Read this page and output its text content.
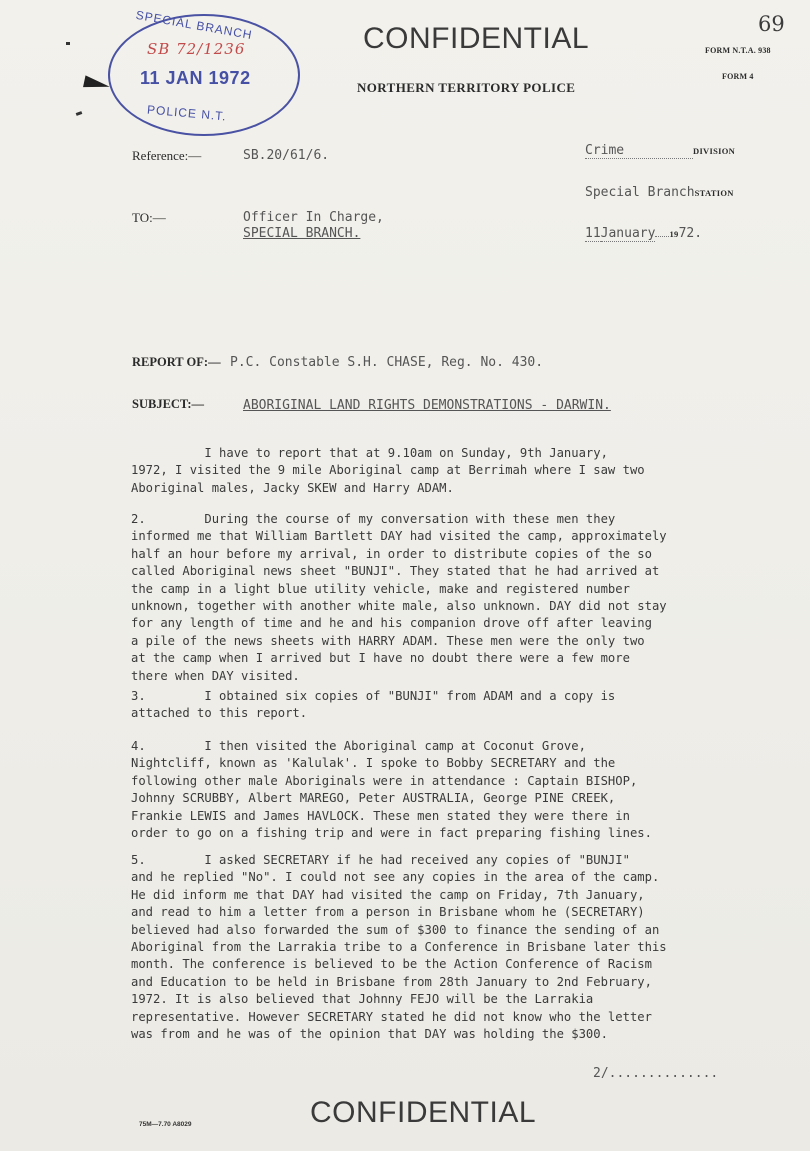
SPECIAL BRANCH
SB 72/1236
11 JAN 1972
POLICE N.T.
CONFIDENTIAL
NORTHERN TERRITORY POLICE
69
FORM N.T.A. 938
FORM 4
Reference:—	SB.20/61/6.	Crime	DIVISION
Special BranchSTATION
TO:—	Officer In Charge,
SPECIAL BRANCH.	11January 1972.
REPORT OF:— P.C. Constable S.H. CHASE, Reg. No. 430.
SUBJECT:—	ABORIGINAL LAND RIGHTS DEMONSTRATIONS - DARWIN.
I have to report that at 9.10am on Sunday, 9th January,
1972, I visited the 9 mile Aboriginal camp at Berrimah where I saw two
Aboriginal males, Jacky SKEW and Harry ADAM.
2.        During the course of my conversation with these men they
informed me that William Bartlett DAY had visited the camp, approximately
half an hour before my arrival, in order to distribute copies of the so
called Aboriginal news sheet "BUNJI". They stated that he had arrived at
the camp in a light blue utility vehicle, make and registered number
unknown, together with another white male, also unknown. DAY did not stay
for any length of time and he and his companion drove off after leaving
a pile of the news sheets with HARRY ADAM. These men were the only two
at the camp when I arrived but I have no doubt there were a few more
there when DAY visited.
3.        I obtained six copies of "BUNJI" from ADAM and a copy is
attached to this report.
4.        I then visited the Aboriginal camp at Coconut Grove,
Nightcliff, known as 'Kalulak'. I spoke to Bobby SECRETARY and the
following other male Aboriginals were in attendance : Captain BISHOP,
Johnny SCRUBBY, Albert MAREGO, Peter AUSTRALIA, George PINE CREEK,
Frankie LEWIS and James HAVLOCK. These men stated they were there in
order to go on a fishing trip and were in fact preparing fishing lines.
5.        I asked SECRETARY if he had received any copies of "BUNJI"
and he replied "No". I could not see any copies in the area of the camp.
He did inform me that DAY had visited the camp on Friday, 7th January,
and read to him a letter from a person in Brisbane whom he (SECRETARY)
believed had also forwarded the sum of $300 to finance the sending of an
Aboriginal from the Larrakia tribe to a Conference in Brisbane later this
month. The conference is believed to be the Action Conference of Racism
and Education to be held in Brisbane from 28th January to 2nd February,
1972. It is also believed that Johnny FEJO will be the Larrakia
representative. However SECRETARY stated he did not know who the letter
was from and he was of the opinion that DAY was holding the $300.
2/..............
75M—7.70 A8029	CONFIDENTIAL
